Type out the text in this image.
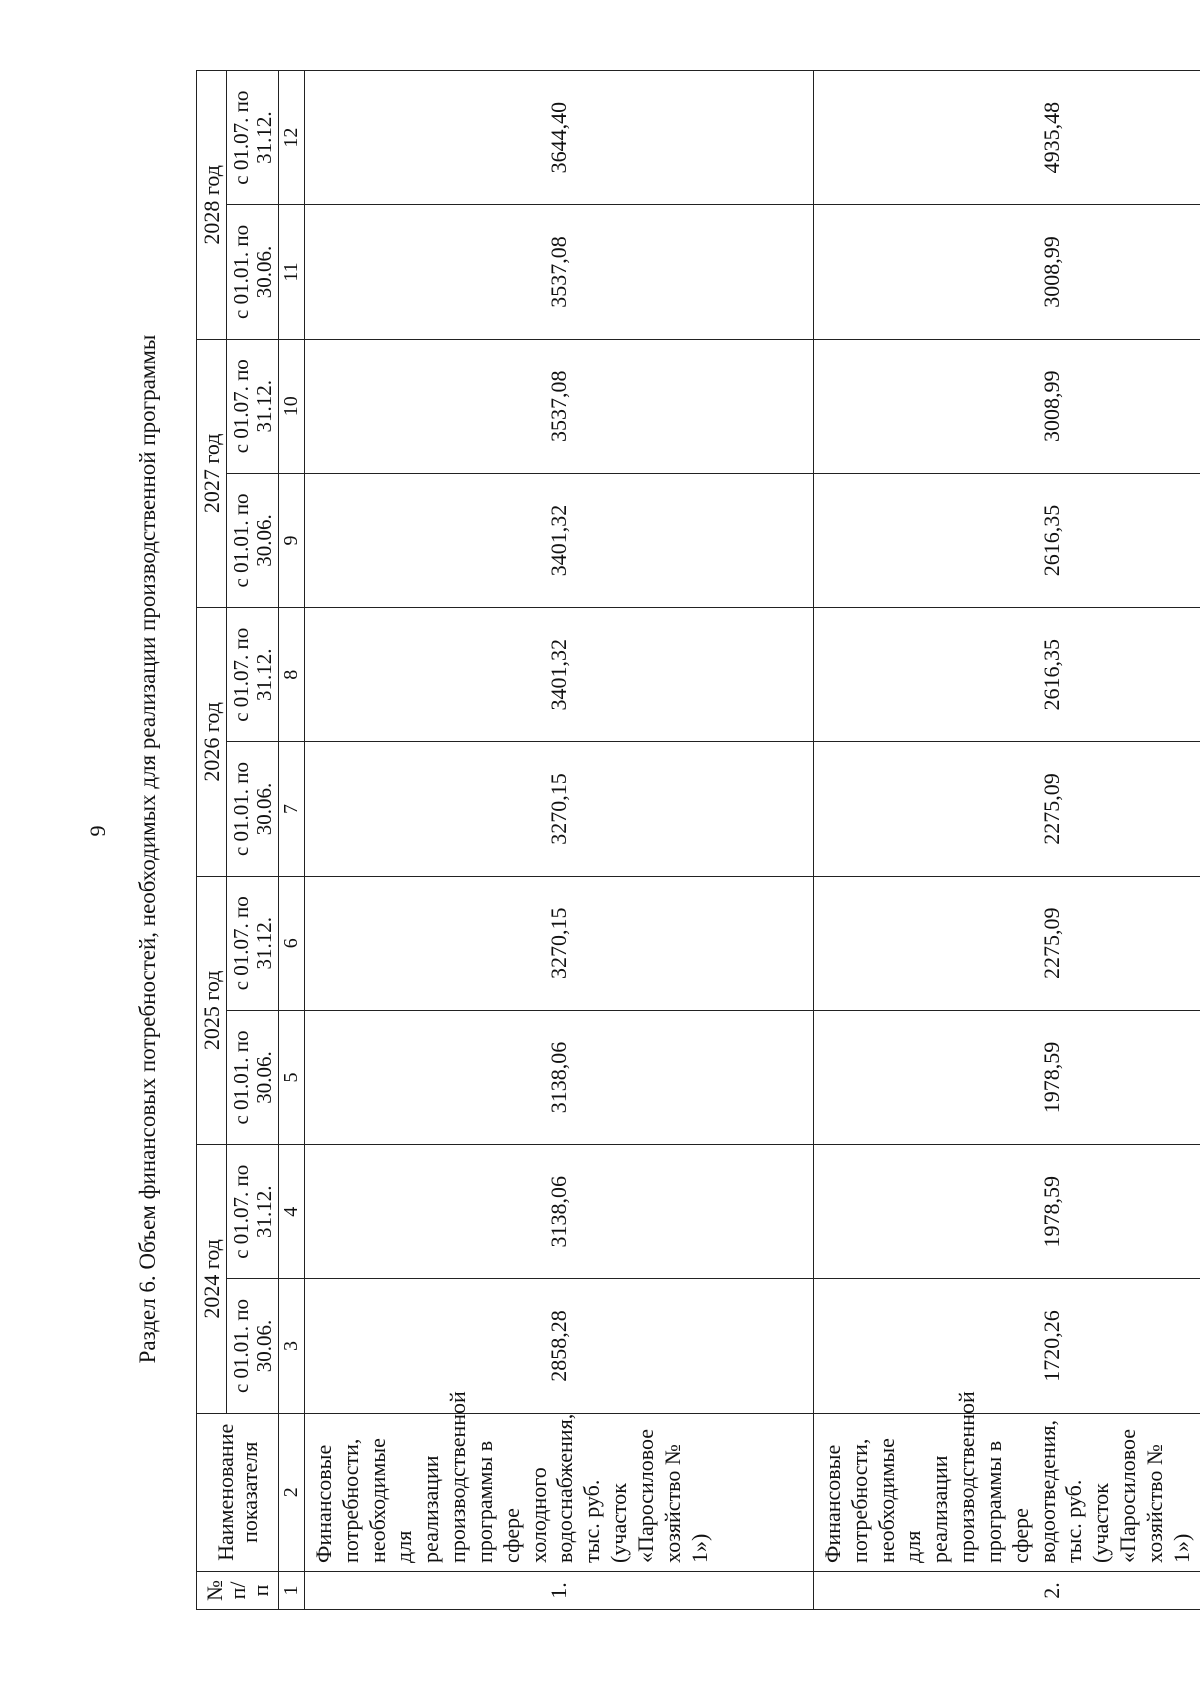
9 Раздел 6. Объем финансовых потребностей, необходимых для реализации производственной программы
№ п/п	Наименование показателя	2024 год		2025 год		2026 год		2027 год		2028 год	
		с 01.01. по 30.06.	с 01.07. по 31.12.	с 01.01. по 30.06.	с 01.07. по 31.12.	с 01.01. по 30.06.	с 01.07. по 31.12.	с 01.01. по 30.06.	с 01.07. по 31.12.	с 01.01. по 30.06.	с 01.07. по 31.12.
1	2	3	4	5	6	7	8	9	10	11	12
1.	Финансовые потребности, необходимые для реализации производственной программы в сфере холодного водоснабжения, тыс. руб. (участок «Паросиловое хозяйство № 1»)	2858,28	3138,06	3138,06	3270,15	3270,15	3401,32	3401,32	3537,08	3537,08	3644,40
2.	Финансовые потребности, необходимые для реализации производственной программы в сфере водоотведения, тыс. руб. (участок «Паросиловое хозяйство № 1»)	1720,26	1978,59	1978,59	2275,09	2275,09	2616,35	2616,35	3008,99	3008,99	4935,48
